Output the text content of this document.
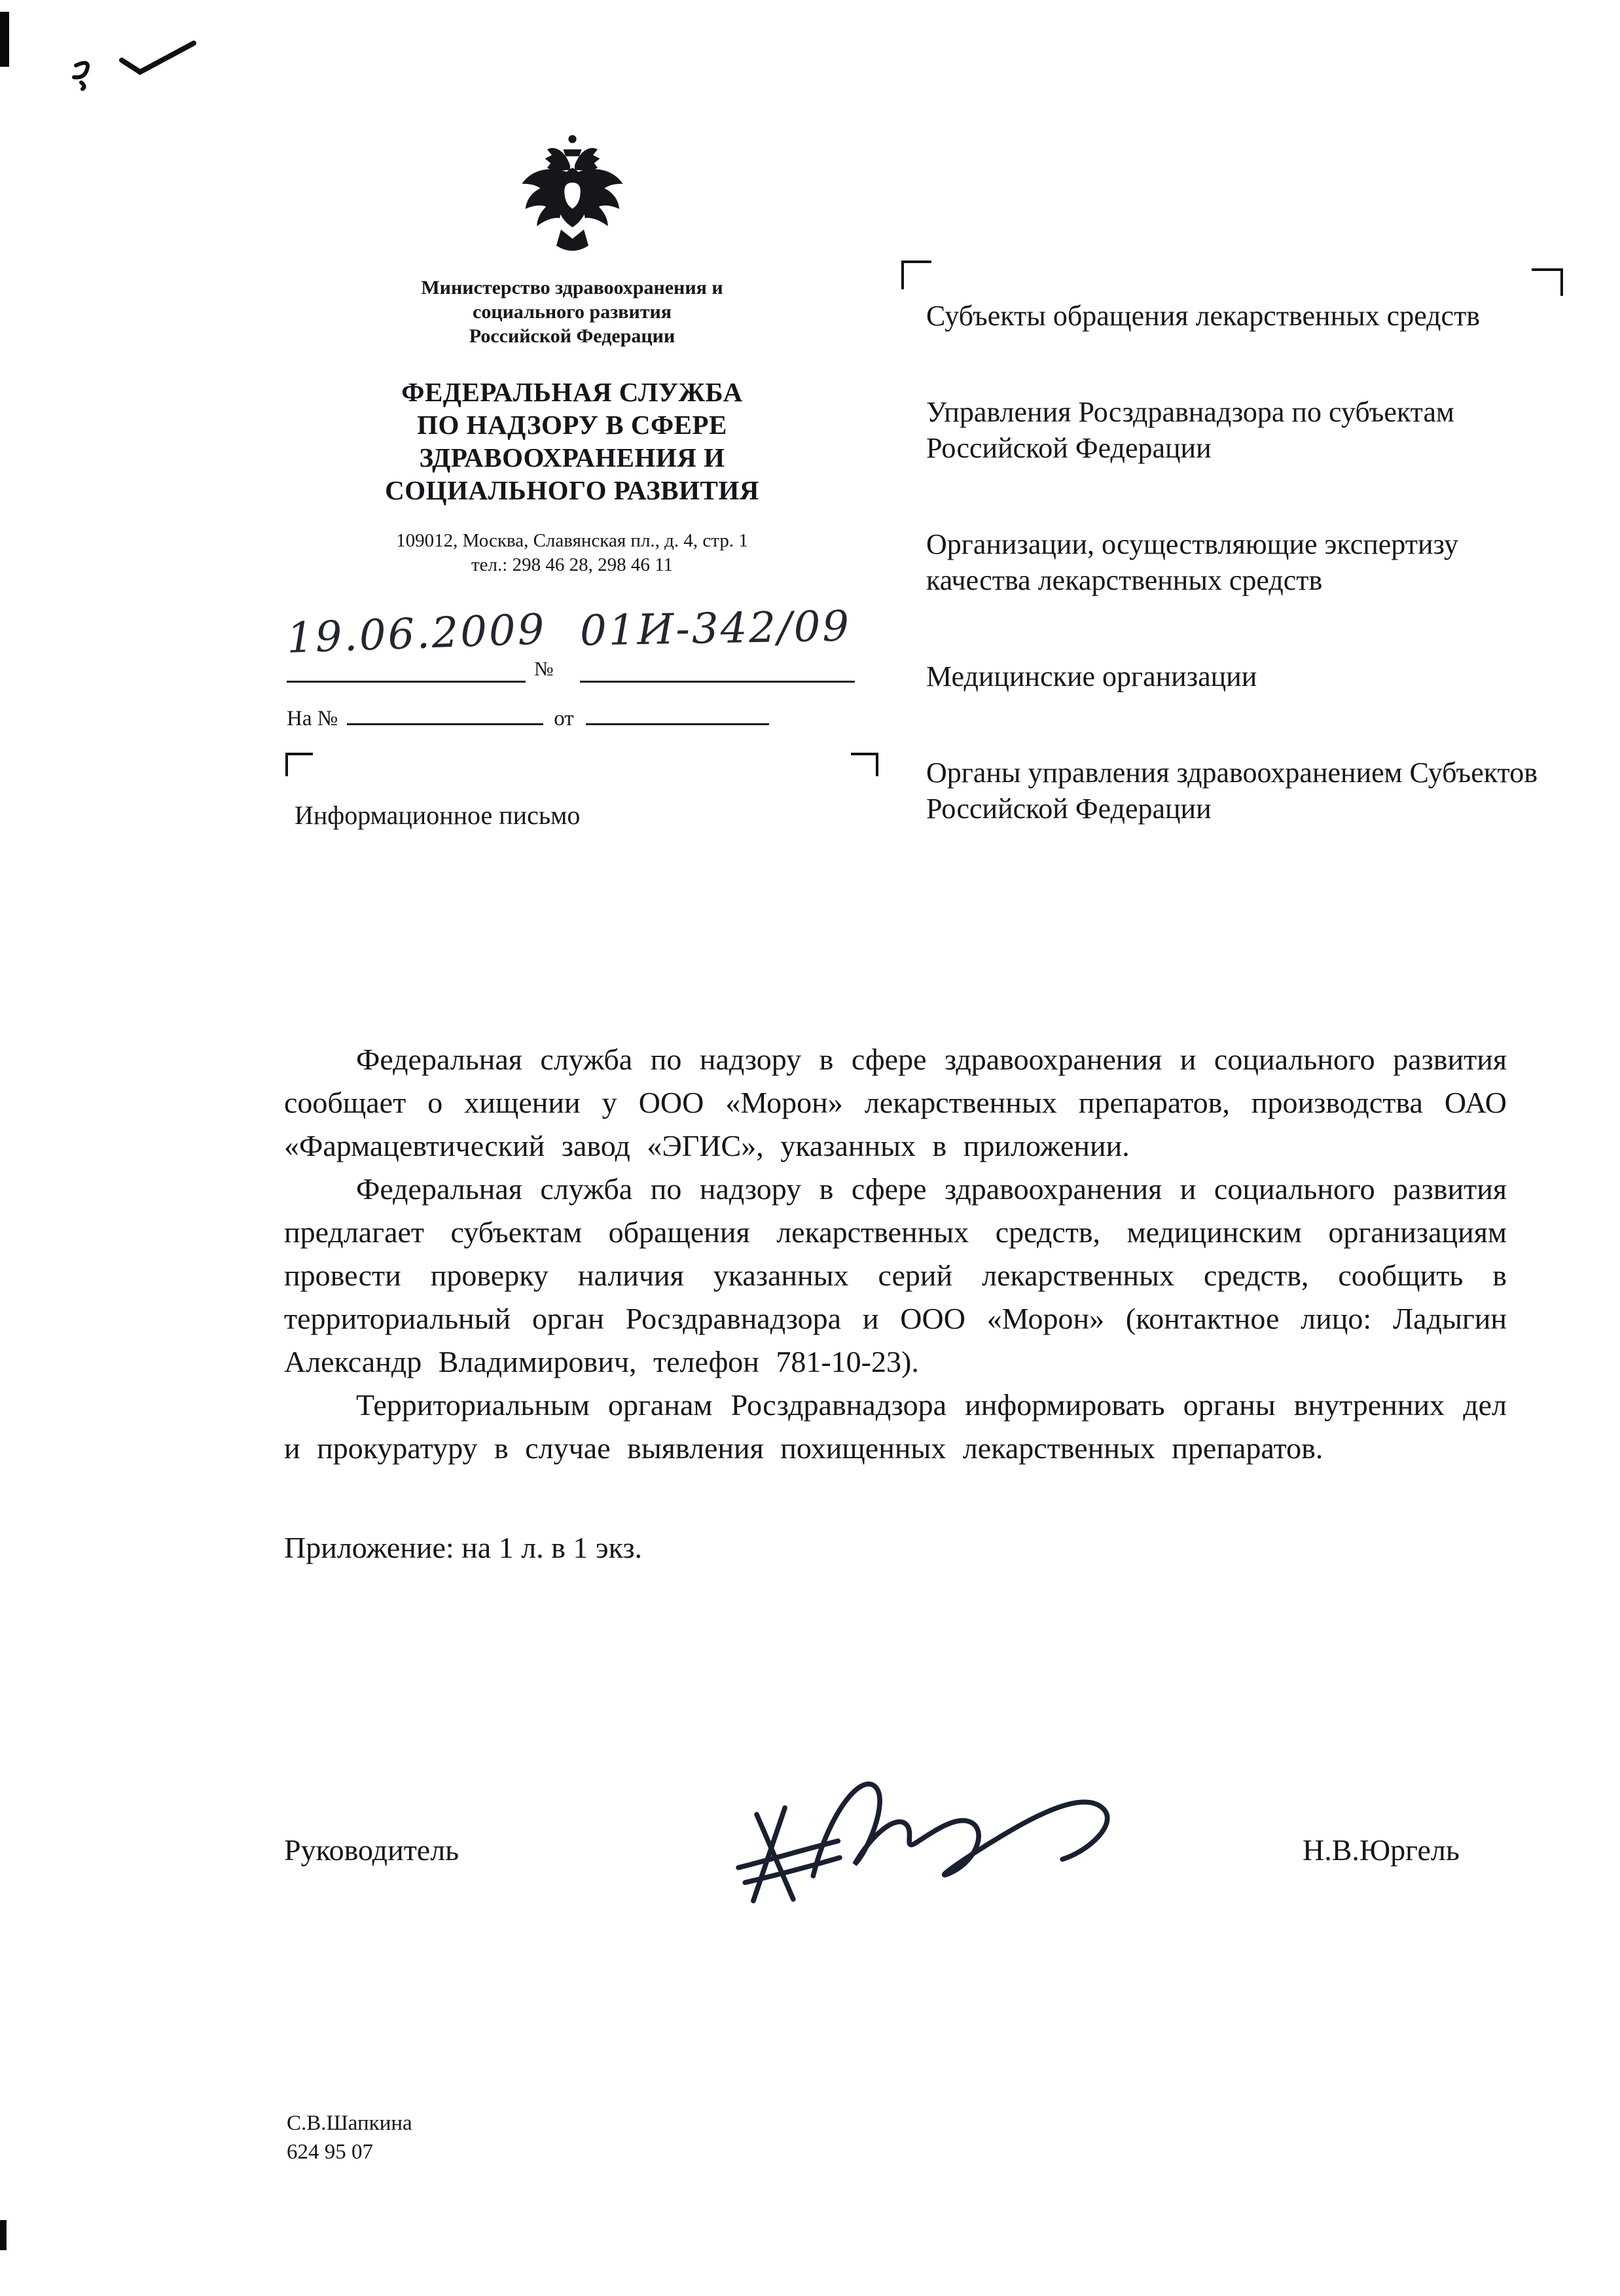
Министерство здравоохранения и
социального развития
Российской Федерации
ФЕДЕРАЛЬНАЯ СЛУЖБА
ПО НАДЗОРУ В СФЕРЕ
ЗДРАВООХРАНЕНИЯ И
СОЦИАЛЬНОГО РАЗВИТИЯ
109012, Москва, Славянская пл., д. 4, стр. 1
тел.: 298 46 28, 298 46 11
19.06.2009
№
01И-342/09
На №	от
Информационное письмо
Субъекты обращения лекарственных средств
Управления Росздравнадзора по субъектам Российской Федерации
Организации, осуществляющие экспертизу качества лекарственных средств
Медицинские организации
Органы управления здравоохранением Субъектов Российской Федерации

Федеральная служба по надзору в сфере здравоохранения и социального развития сообщает о хищении у ООО «Морон» лекарственных препаратов, производства ОАО «Фармацевтический завод «ЭГИС», указанных в приложении.

Федеральная служба по надзору в сфере здравоохранения и социального развития предлагает субъектам обращения лекарственных средств, медицинским организациям провести проверку наличия указанных серий лекарственных средств, сообщить в территориальный орган Росздравнадзора и ООО «Морон» (контактное лицо: Ладыгин Александр Владимирович, телефон 781-10-23).

Территориальным органам Росздравнадзора информировать органы внутренних дел и прокуратуру в случае выявления похищенных лекарственных препаратов.

Приложение: на 1 л. в 1 экз.
Руководитель	Н.В.Юргель
С.В.Шапкина
624 95 07
